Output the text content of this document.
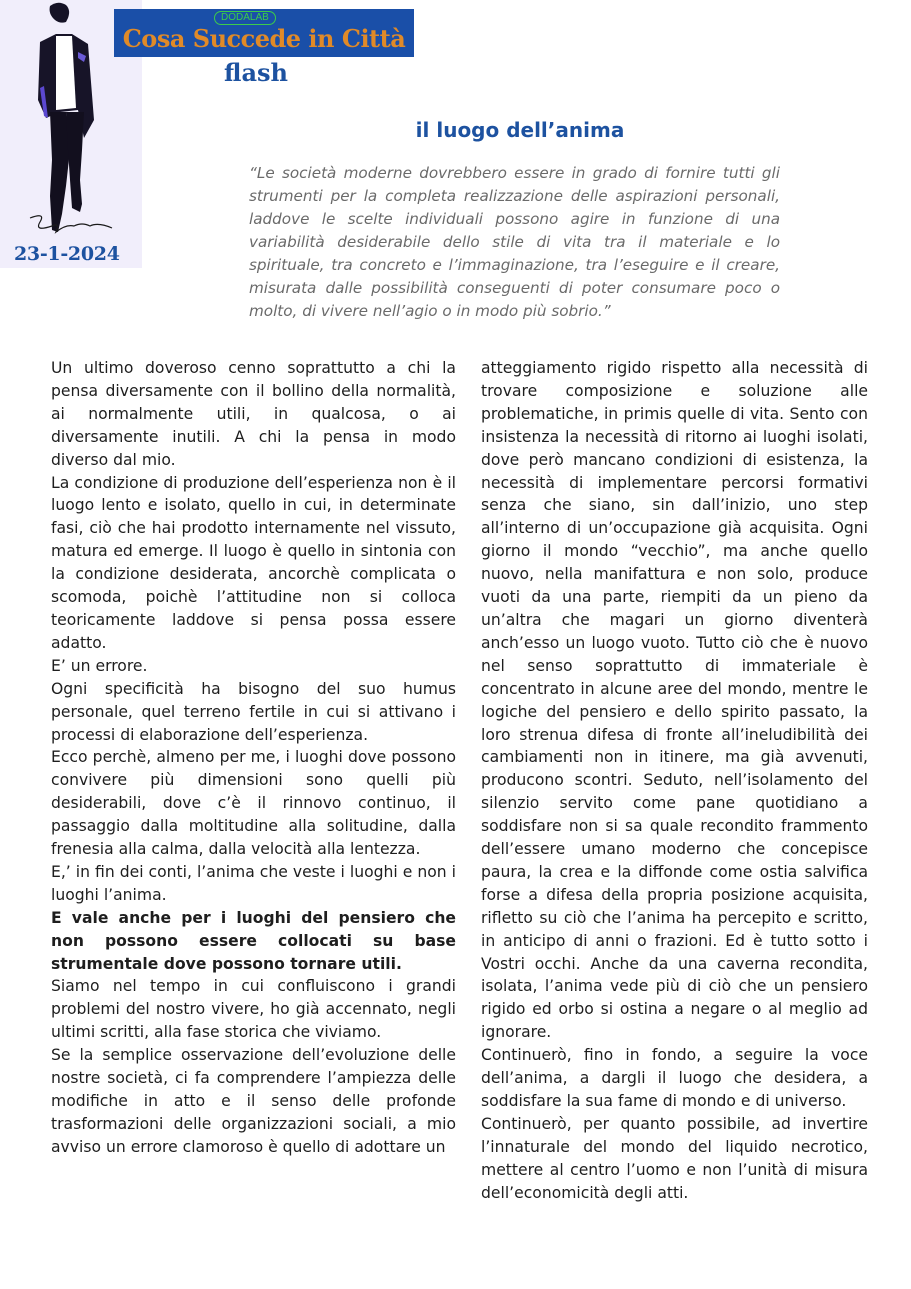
23-1-2024
DODALAB
Cosa Succede in Città
flash
il luogo dell’anima

“Le società moderne dovrebbero essere in grado di fornire tutti gli strumenti per la completa realizzazione delle aspirazioni personali, laddove le scelte individuali possono agire in funzione di una variabilità desiderabile dello stile di vita tra il materiale e lo spirituale, tra concreto e l’immaginazione, tra l’eseguire e il creare, misurata dalle possibilità conseguenti di poter consumare poco o molto, di vivere nell’agio o in modo più sobrio.”

Un ultimo doveroso cenno soprattutto a chi la pensa diversamente con il bollino della normalità, ai normalmente utili, in qualcosa, o ai diversamente inutili. A chi la pensa in modo diverso dal mio.

La condizione di produzione dell’esperienza non è il luogo lento e isolato, quello in cui, in determinate fasi, ciò che hai prodotto internamente nel vissuto, matura ed emerge. Il luogo è quello in sintonia con la condizione desiderata, ancorchè complicata o scomoda, poichè l’attitudine non si colloca teoricamente laddove si pensa possa essere adatto.

E’ un errore.

Ogni specificità ha bisogno del suo humus personale, quel terreno fertile in cui si attivano i processi di elaborazione dell’esperienza.

Ecco perchè, almeno per me, i luoghi dove possono convivere più dimensioni sono quelli più desiderabili, dove c’è il rinnovo continuo, il passaggio dalla moltitudine alla solitudine, dalla frenesia alla calma, dalla velocità alla lentezza.

E,’ in fin dei conti, l’anima che veste i luoghi e non i luoghi l’anima.

E vale anche per i luoghi del pensiero che non possono essere collocati su base strumentale dove possono tornare utili.

Siamo nel tempo in cui confluiscono i grandi problemi del nostro vivere, ho già accennato, negli ultimi scritti, alla fase storica che viviamo.

Se la semplice osservazione dell’evoluzione delle nostre società, ci fa comprendere l’ampiezza delle modifiche in atto e il senso delle profonde trasformazioni delle organizzazioni sociali, a mio avviso un errore clamoroso è quello di adottare un

atteggiamento rigido rispetto alla necessità di trovare composizione e soluzione alle problematiche, in primis quelle di vita. Sento con insistenza la necessità di ritorno ai luoghi isolati, dove però mancano condizioni di esistenza, la necessità di implementare percorsi formativi senza che siano, sin dall’inizio, uno step all’interno di un’occupazione già acquisita. Ogni giorno il mondo “vecchio”, ma anche quello nuovo, nella manifattura e non solo, produce vuoti da una parte, riempiti da un pieno da un’altra che magari un giorno diventerà anch’esso un luogo vuoto. Tutto ciò che è nuovo nel senso soprattutto di immateriale è concentrato in alcune aree del mondo, mentre le logiche del pensiero e dello spirito passato, la loro strenua difesa di fronte all’ineludibilità dei cambiamenti non in itinere, ma già avvenuti, producono scontri. Seduto, nell’isolamento del silenzio servito come pane quotidiano a soddisfare non si sa quale recondito frammento dell’essere umano moderno che concepisce paura, la crea e la diffonde come ostia salvifica forse a difesa della propria posizione acquisita, rifletto su ciò che l’anima ha percepito e scritto, in anticipo di anni o frazioni. Ed è tutto sotto i Vostri occhi. Anche da una caverna recondita, isolata, l’anima vede più di ciò che un pensiero rigido ed orbo si ostina a negare o al meglio ad ignorare.

Continuerò, fino in fondo, a seguire la voce dell’anima, a dargli il luogo che desidera, a soddisfare la sua fame di mondo e di universo.

Continuerò, per quanto possibile, ad invertire l’innaturale del mondo del liquido necrotico, mettere al centro l’uomo e non l’unità di misura dell’economicità degli atti.
